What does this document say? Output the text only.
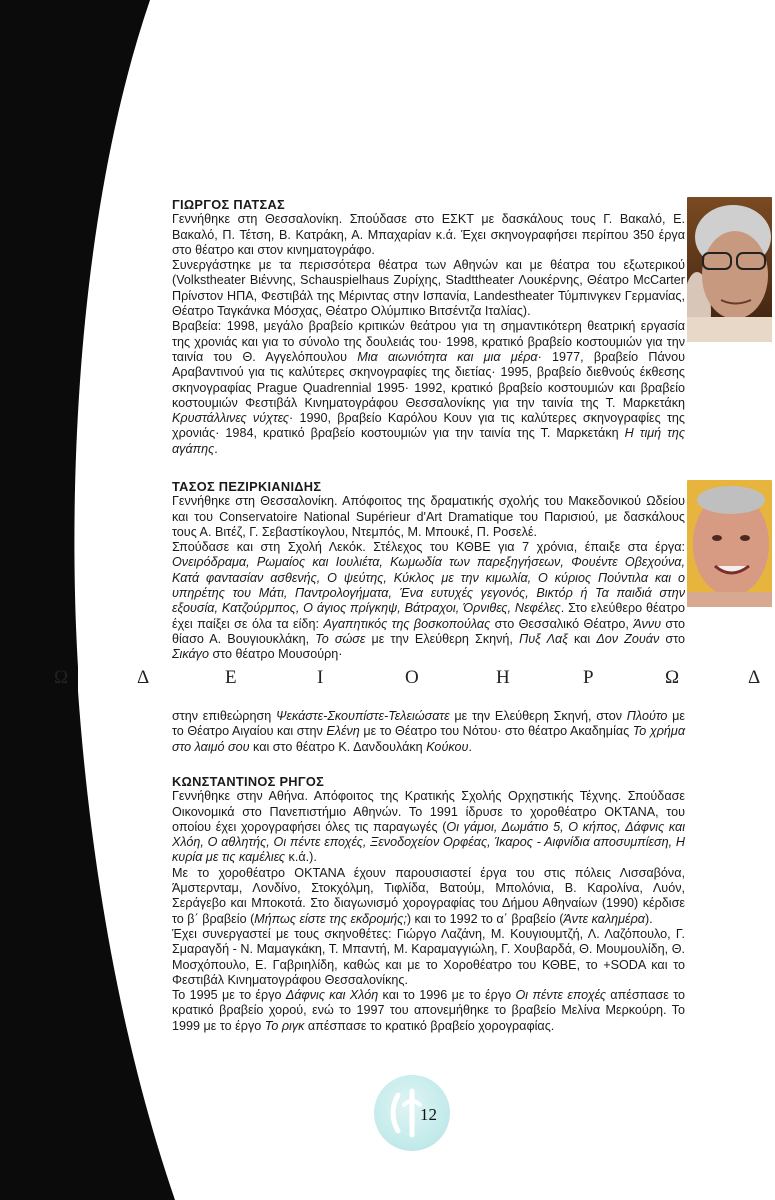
Ω	Δ	Ε	Ι	Ο	Η	Ρ	Ω	Δ

ΓΙΩΡΓΟΣ ΠΑΤΣΑΣ

Γεννήθηκε στη Θεσσαλονίκη. Σπούδασε στο ΕΣΚΤ με δασκάλους τους Γ. Βακαλό, Ε. Βακαλό, Π. Τέτση, Β. Κατράκη, Α. Μπαχαρίαν κ.ά. Έχει σκηνογραφήσει περίπου 350 έργα στο θέατρο και στον κινηματογράφο.

Συνεργάστηκε με τα περισσότερα θέατρα των Αθηνών και με θέατρα του εξωτερικού (Volkstheater Βιέννης, Schauspielhaus Ζυρίχης, Stadttheater Λουκέρνης, Θέατρο McCarter Πρίνστον ΗΠΑ, Φεστιβάλ της Μέριντας στην Ισπανία, Landestheater Τύμπινγκεν Γερμανίας, Θέατρο Ταγκάνκα Μόσχας, Θέατρο Ολύμπικο Βιτσέντζα Ιταλίας).

Βραβεία: 1998, μεγάλο βραβείο κριτικών θεάτρου για τη σημαντικότερη θεατρική εργασία της χρονιάς και για το σύνολο της δουλειάς του· 1998, κρατικό βραβείο κοστουμιών για την ταινία του Θ. Αγγελόπουλου Μια αιωνιότητα και μια μέρα· 1977, βραβείο Πάνου Αραβαντινού για τις καλύτερες σκηνογραφίες της διετίας· 1995, βραβείο διεθνούς έκθεσης σκηνογραφίας Prague Quadrennial 1995· 1992, κρατικό βραβείο κοστουμιών και βραβείο κοστουμιών Φεστιβάλ Κινηματογράφου Θεσσαλονίκης για την ταινία της Τ. Μαρκετάκη Κρυστάλλινες νύχτες· 1990, βραβείο Καρόλου Κουν για τις καλύτερες σκηνογραφίες της χρονιάς· 1984, κρατικό βραβείο κοστουμιών για την ταινία της Τ. Μαρκετάκη Η τιμή της αγάπης.

ΤΑΣΟΣ ΠΕΖΙΡΚΙΑΝΙΔΗΣ

Γεννήθηκε στη Θεσσαλονίκη. Απόφοιτος της δραματικής σχολής του Μακεδονικού Ωδείου και του Conservatoire National Supérieur d'Art Dramatique του Παρισιού, με δασκάλους τους Α. Βιτέζ, Γ. Σεβαστίκογλου, Ντεμπός, Μ. Μπουκέ, Π. Ροσελέ.

Σπούδασε και στη Σχολή Λεκόκ. Στέλεχος του ΚΘΒΕ για 7 χρόνια, έπαιξε στα έργα: Ονειρόδραμα, Ρωμαίος και Ιουλιέτα, Κωμωδία των παρεξηγήσεων, Φουέντε Οβεχούνα, Κατά φαντασίαν ασθενής, Ο ψεύτης, Κύκλος με την κιμωλία, Ο κύριος Πούντιλα και ο υπηρέτης του Μάτι, Παντρολογήματα, Ένα ευτυχές γεγονός, Βικτόρ ή Τα παιδιά στην εξουσία, Κατζούρμπος, Ο άγιος πρίγκηψ, Βάτραχοι, Όρνιθες, Νεφέλες. Στο ελεύθερο θέατρο έχει παίξει σε όλα τα είδη: Αγαπητικός της βοσκοπούλας στο Θεσσαλικό Θέατρο, Άννυ στο θίασο Α. Βουγιουκλάκη, Το σώσε με την Ελεύθερη Σκηνή, Πυξ Λαξ και Δον Ζουάν στο Σικάγο στο θέατρο Μουσούρη·

στην επιθεώρηση Ψεκάστε-Σκουπίστε-Τελειώσατε με την Ελεύθερη Σκηνή, στον Πλούτο με το Θέατρο Αιγαίου και στην Ελένη με το Θέατρο του Νότου· στο θέατρο Ακαδημίας Το χρήμα στο λαιμό σου και στο θέατρο Κ. Δανδουλάκη Κούκου.

ΚΩΝΣΤΑΝΤΙΝΟΣ ΡΗΓΟΣ

Γεννήθηκε στην Αθήνα. Απόφοιτος της Κρατικής Σχολής Ορχηστικής Τέχνης. Σπούδασε Οικονομικά στο Πανεπιστήμιο Αθηνών. Το 1991 ίδρυσε το χοροθέατρο ΟΚΤΑΝΑ, του οποίου έχει χορογραφήσει όλες τις παραγωγές (Οι γάμοι, Δωμάτιο 5, Ο κήπος, Δάφνις και Χλόη, Ο αθλητής, Οι πέντε εποχές, Ξενοδοχείον Ορφέας, Ίκαρος - Αιφνίδια αποσυμπίεση, Η κυρία με τις καμέλιες κ.ά.).

Με το χοροθέατρο ΟΚΤΑΝΑ έχουν παρουσιαστεί έργα του στις πόλεις Λισσαβόνα, Άμστερνταμ, Λονδίνο, Στοκχόλμη, Τιφλίδα, Βατούμ, Μπολόνια, Β. Καρολίνα, Λυόν, Σεράγεβο και Μποκοτά. Στο διαγωνισμό χορογραφίας του Δήμου Αθηναίων (1990) κέρδισε το β΄ βραβείο (Μήπως είστε της εκδρομής;) και το 1992 το α΄ βραβείο (Άντε καλημέρα).

Έχει συνεργαστεί με τους σκηνοθέτες: Γιώργο Λαζάνη, Μ. Κουγιουμτζή, Λ. Λαζόπουλο, Γ. Σμαραγδή - Ν. Μαμαγκάκη, Τ. Μπαντή, Μ. Καραμαγγιώλη, Γ. Χουβαρδά, Θ. Μουμουλίδη, Θ. Μοσχόπουλο, Ε. Γαβριηλίδη, καθώς και με το Χοροθέατρο του ΚΘΒΕ, το +SODA και το Φεστιβάλ Κινηματογράφου Θεσσαλονίκης.

Το 1995 με το έργο Δάφνις και Χλόη και το 1996 με το έργο Οι πέντε εποχές απέσπασε το κρατικό βραβείο χορού, ενώ το 1997 του απονεμήθηκε το βραβείο Μελίνα Μερκούρη. Το 1999 με το έργο Το ριγκ απέσπασε το κρατικό βραβείο χορογραφίας.

12
